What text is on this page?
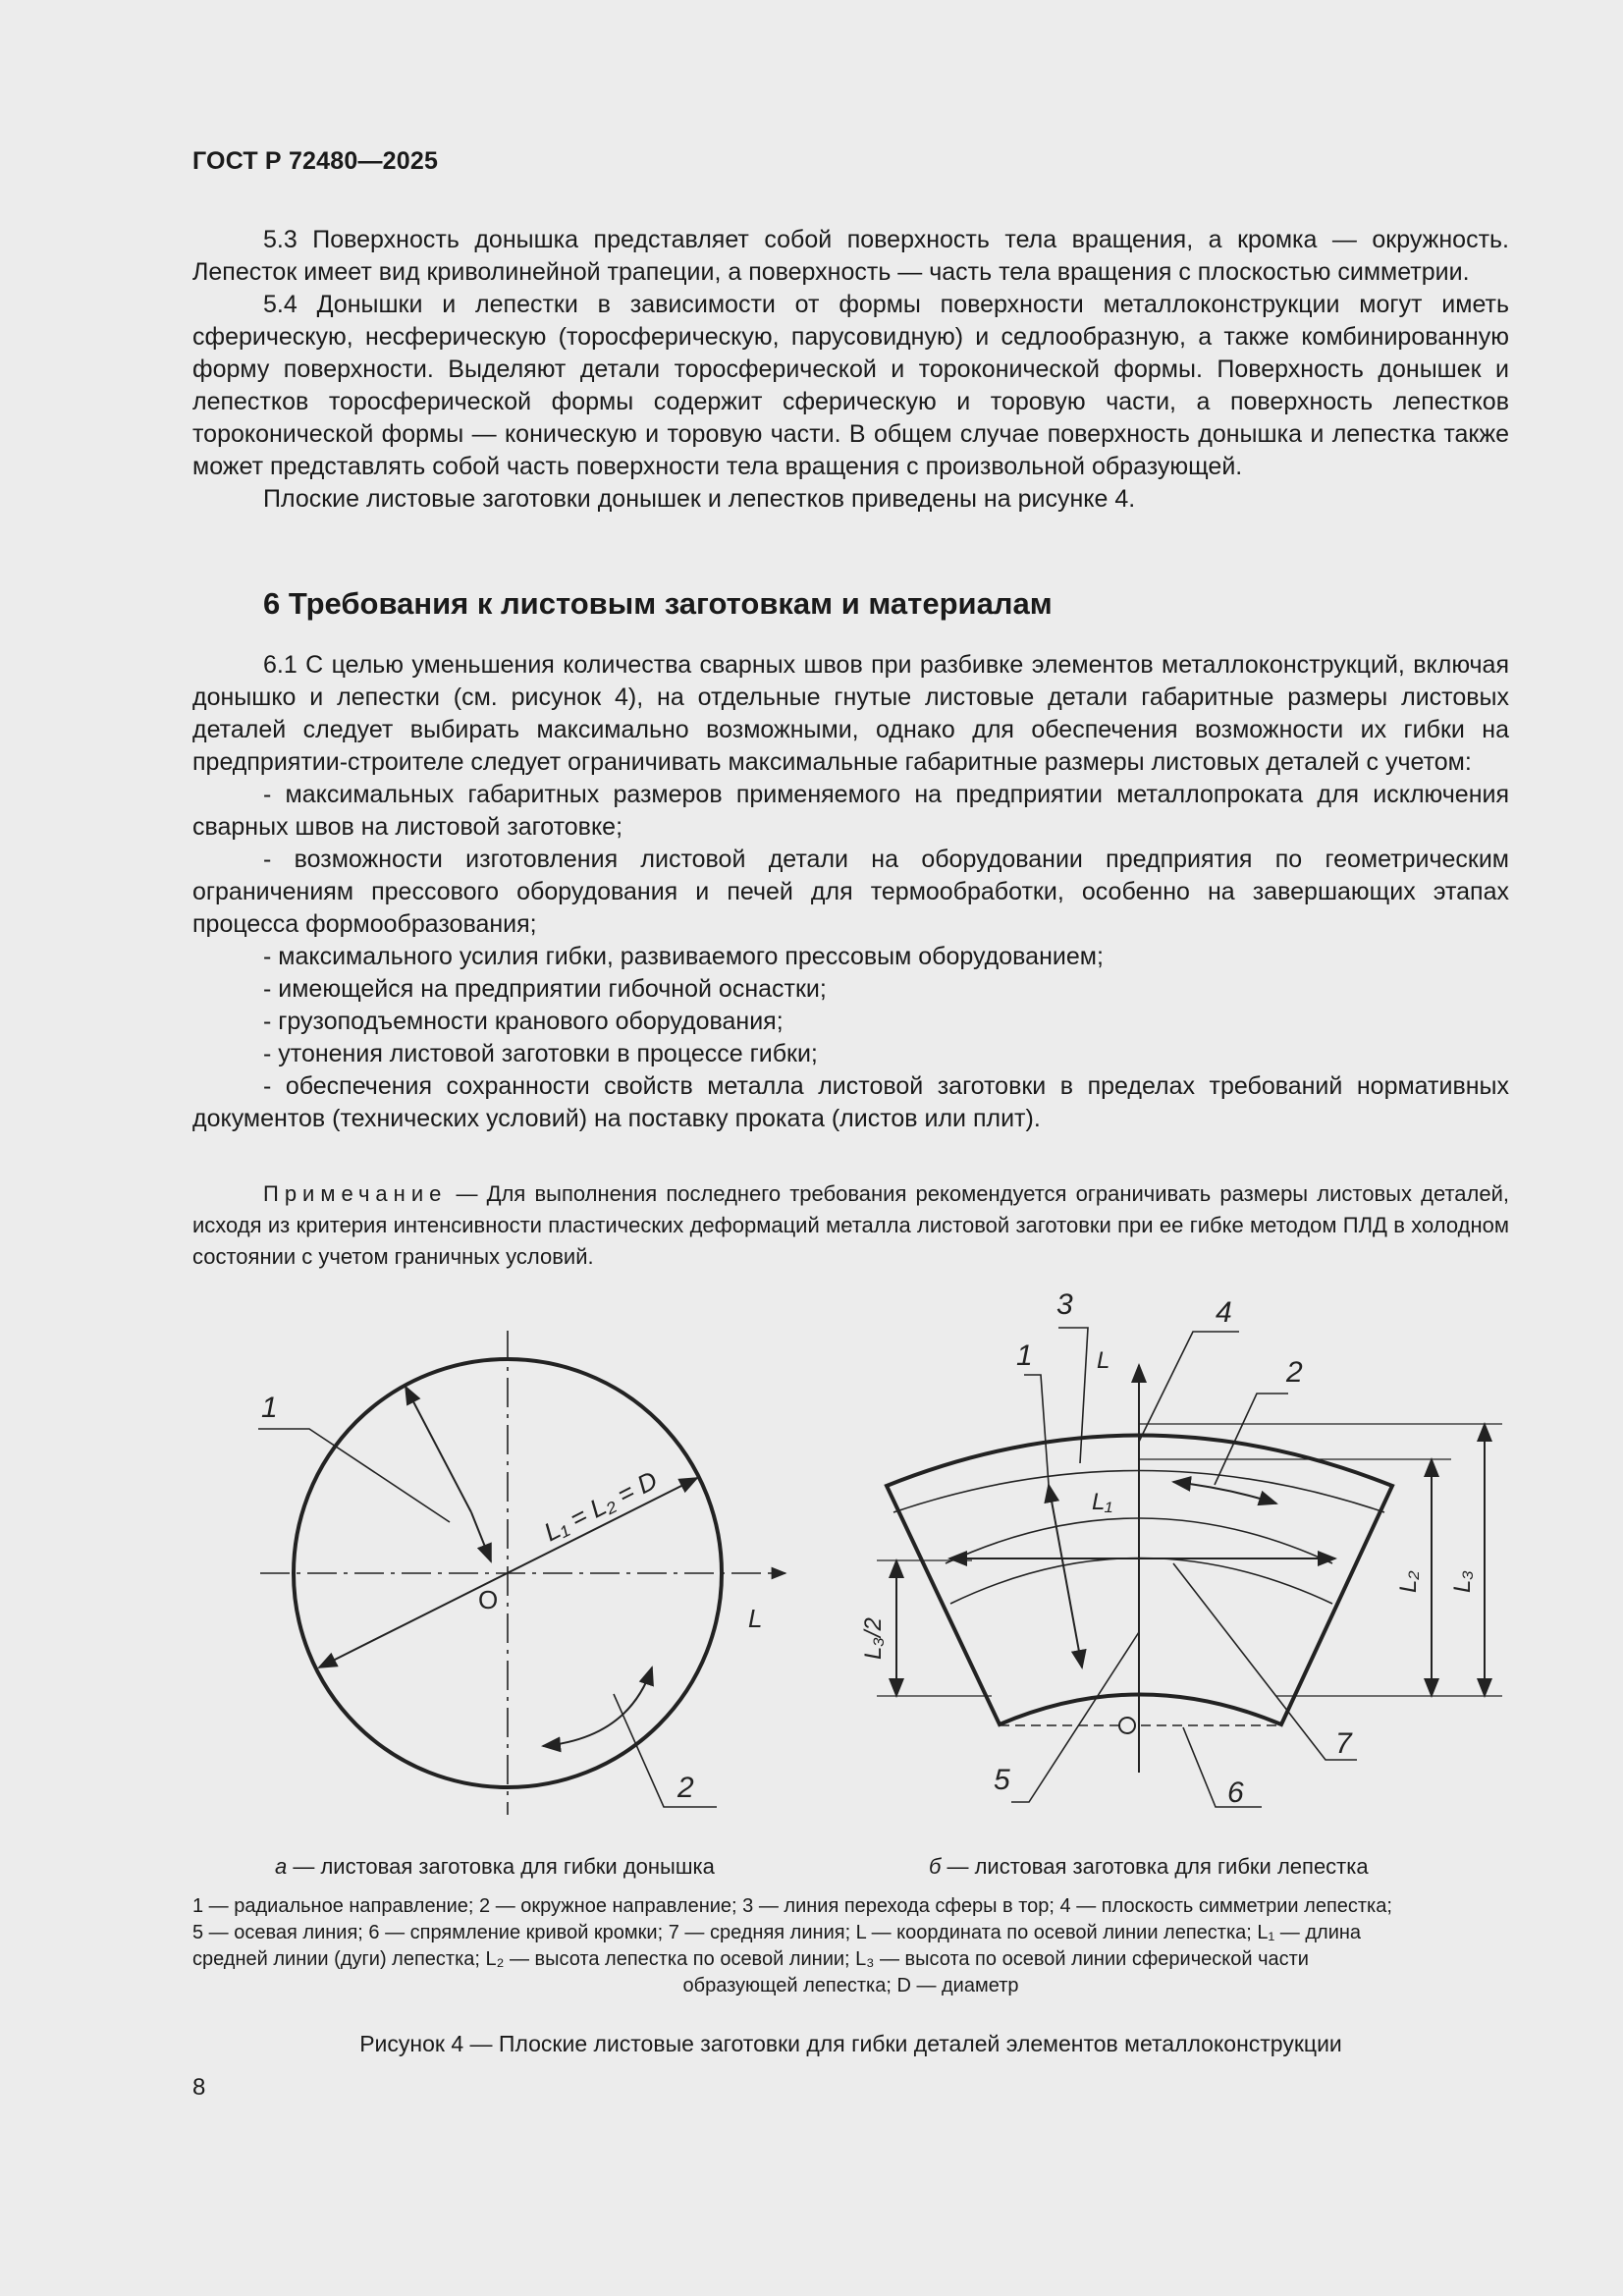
ГОСТ Р 72480—2025

5.3 Поверхность донышка представляет собой поверхность тела вращения, а кромка — окружность. Лепесток имеет вид криволинейной трапеции, а поверхность — часть тела вращения с плоскостью симметрии.

5.4 Донышки и лепестки в зависимости от формы поверхности металлоконструкции могут иметь сферическую, несферическую (торосферическую, парусовидную) и седлообразную, а также комбинированную форму поверхности. Выделяют детали торосферической и тороконической формы. Поверхность донышек и лепестков торосферической формы содержит сферическую и торовую части, а поверхность лепестков тороконической формы — коническую и торовую части. В общем случае поверхность донышка и лепестка также может представлять собой часть поверхности тела вращения с произвольной образующей.

Плоские листовые заготовки донышек и лепестков приведены на рисунке 4.

6 Требования к листовым заготовкам и материалам

6.1 С целью уменьшения количества сварных швов при разбивке элементов металлоконструкций, включая донышко и лепестки (см. рисунок 4), на отдельные гнутые листовые детали габаритные размеры листовых деталей следует выбирать максимально возможными, однако для обеспечения возможности их гибки на предприятии-строителе следует ограничивать максимальные габаритные размеры листовых деталей с учетом:

- максимальных габаритных размеров применяемого на предприятии металлопроката для исключения сварных швов на листовой заготовке;

- возможности изготовления листовой детали на оборудовании предприятия по геометрическим ограничениям прессового оборудования и печей для термообработки, особенно на завершающих этапах процесса формообразования;

- максимального усилия гибки, развиваемого прессовым оборудованием;

- имеющейся на предприятии гибочной оснастки;

- грузоподъемности кранового оборудования;

- утонения листовой заготовки в процессе гибки;

- обеспечения сохранности свойств металла листовой заготовки в пределах требований нормативных документов (технических условий) на поставку проката (листов или плит).

Примечание — Для выполнения последнего требования рекомендуется ограничивать размеры листовых деталей, исходя из критерия интенсивности пластических деформаций металла листовой заготовки при ее гибке методом ПЛД в холодном состоянии с учетом граничных условий.
1
2
O
L
L₁ = L₂ = D
3	4
1
2
5	6
7
L
L₁
L₂ L₃
L₃/2
а — листовая заготовка для гибки донышка	б — листовая заготовка для гибки лепестка
1 — радиальное направление; 2 — окружное направление; 3 — линия перехода сферы в тор; 4 — плоскость симметрии лепестка;
5 — осевая линия; 6 — спрямление кривой кромки; 7 — средняя линия; L — координата по осевой линии лепестка; L₁ — длина
средней линии (дуги) лепестка; L₂ — высота лепестка по осевой линии; L₃ — высота по осевой линии сферической части
образующей лепестка; D — диаметр
Рисунок 4 — Плоские листовые заготовки для гибки деталей элементов металлоконструкции
8
